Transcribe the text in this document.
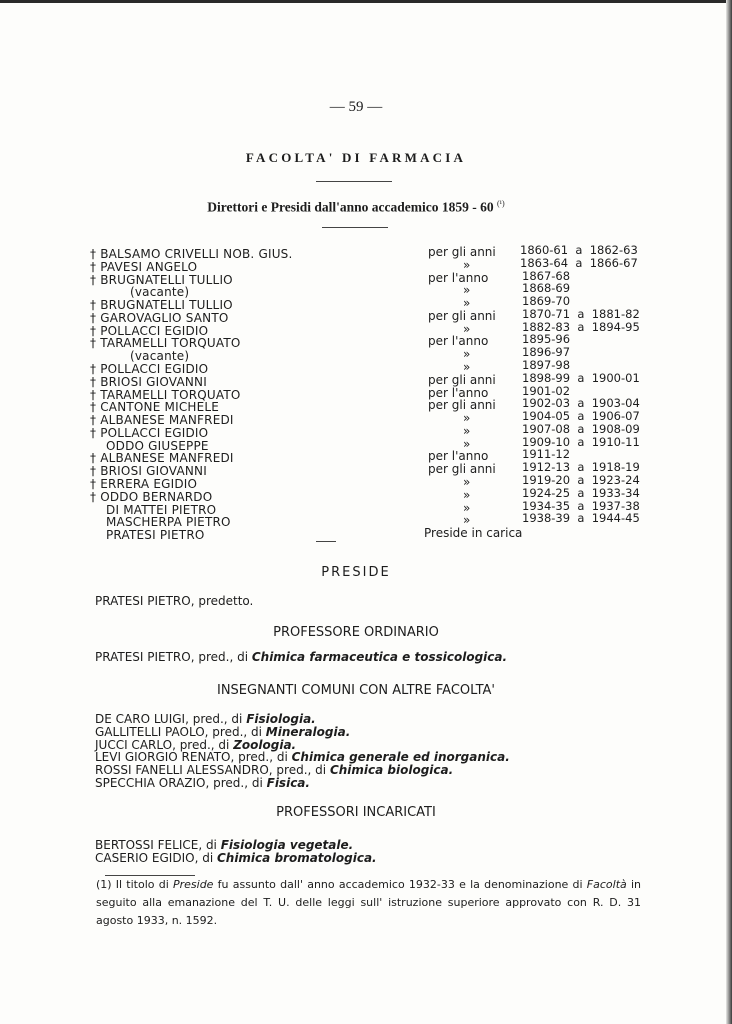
— 59 —
FACOLTA' DI FARMACIA
Direttori e Presidi dall'anno accademico 1859 - 60 $^{(^1)}$
† BALSAMO CRIVELLI NOB. GIUS.	per gli anni 1860-61  a  1862-63
† PAVESI ANGELO	»	1863-64  a  1866-67
† BRUGNATELLI TULLIO	per l'anno	1867-68
(vacante)	»	1868-69
† BRUGNATELLI TULLIO	»	1869-70
† GAROVAGLIO SANTO	per gli anni 1870-71  a  1881-82
† POLLACCI EGIDIO	»	1882-83  a  1894-95
† TARAMELLI TORQUATO	per l'anno	1895-96
(vacante)	»	1896-97
† POLLACCI EGIDIO	»	1897-98
† BRIOSI GIOVANNI	per gli anni 1898-99  a  1900-01
† TARAMELLI TORQUATO	per l'anno	1901-02
† CANTONE MICHELE	per gli anni 1902-03  a  1903-04
† ALBANESE MANFREDI	»	1904-05  a  1906-07
† POLLACCI EGIDIO	»	1907-08  a  1908-09
ODDO GIUSEPPE	»	1909-10  a  1910-11
† ALBANESE MANFREDI	per l'anno	1911-12
† BRIOSI GIOVANNI	per gli anni 1912-13  a  1918-19
† ERRERA EGIDIO	»	1919-20  a  1923-24
† ODDO BERNARDO	»	1924-25  a  1933-34
DI MATTEI PIETRO	»	1934-35  a  1937-38
MASCHERPA PIETRO	»	1938-39  a  1944-45
PRATESI PIETRO	Preside in carica
PRESIDE
PRATESI PIETRO, predetto.
PROFESSORE ORDINARIO
PRATESI PIETRO, pred., di Chimica farmaceutica e tossicologica.
INSEGNANTI COMUNI CON ALTRE FACOLTA'
DE CARO LUIGI, pred., di Fisiologia.
GALLITELLI PAOLO, pred., di Mineralogia.
JUCCI CARLO, pred., di Zoologia.
LEVI GIORGIO RENATO, pred., di Chimica generale ed inorganica.
ROSSI FANELLI ALESSANDRO, pred., di Chimica biologica.
SPECCHIA ORAZIO, pred., di Fisica.
PROFESSORI INCARICATI
BERTOSSI FELICE, di Fisiologia vegetale.
CASERIO EGIDIO, di Chimica bromatologica.
(1) Il titolo di Preside fu assunto dall' anno accademico 1932-33 e la denominazione di Facoltà in seguito alla emanazione del T. U. delle leggi sull' istruzione superiore approvato con R. D. 31 agosto 1933, n. 1592.
